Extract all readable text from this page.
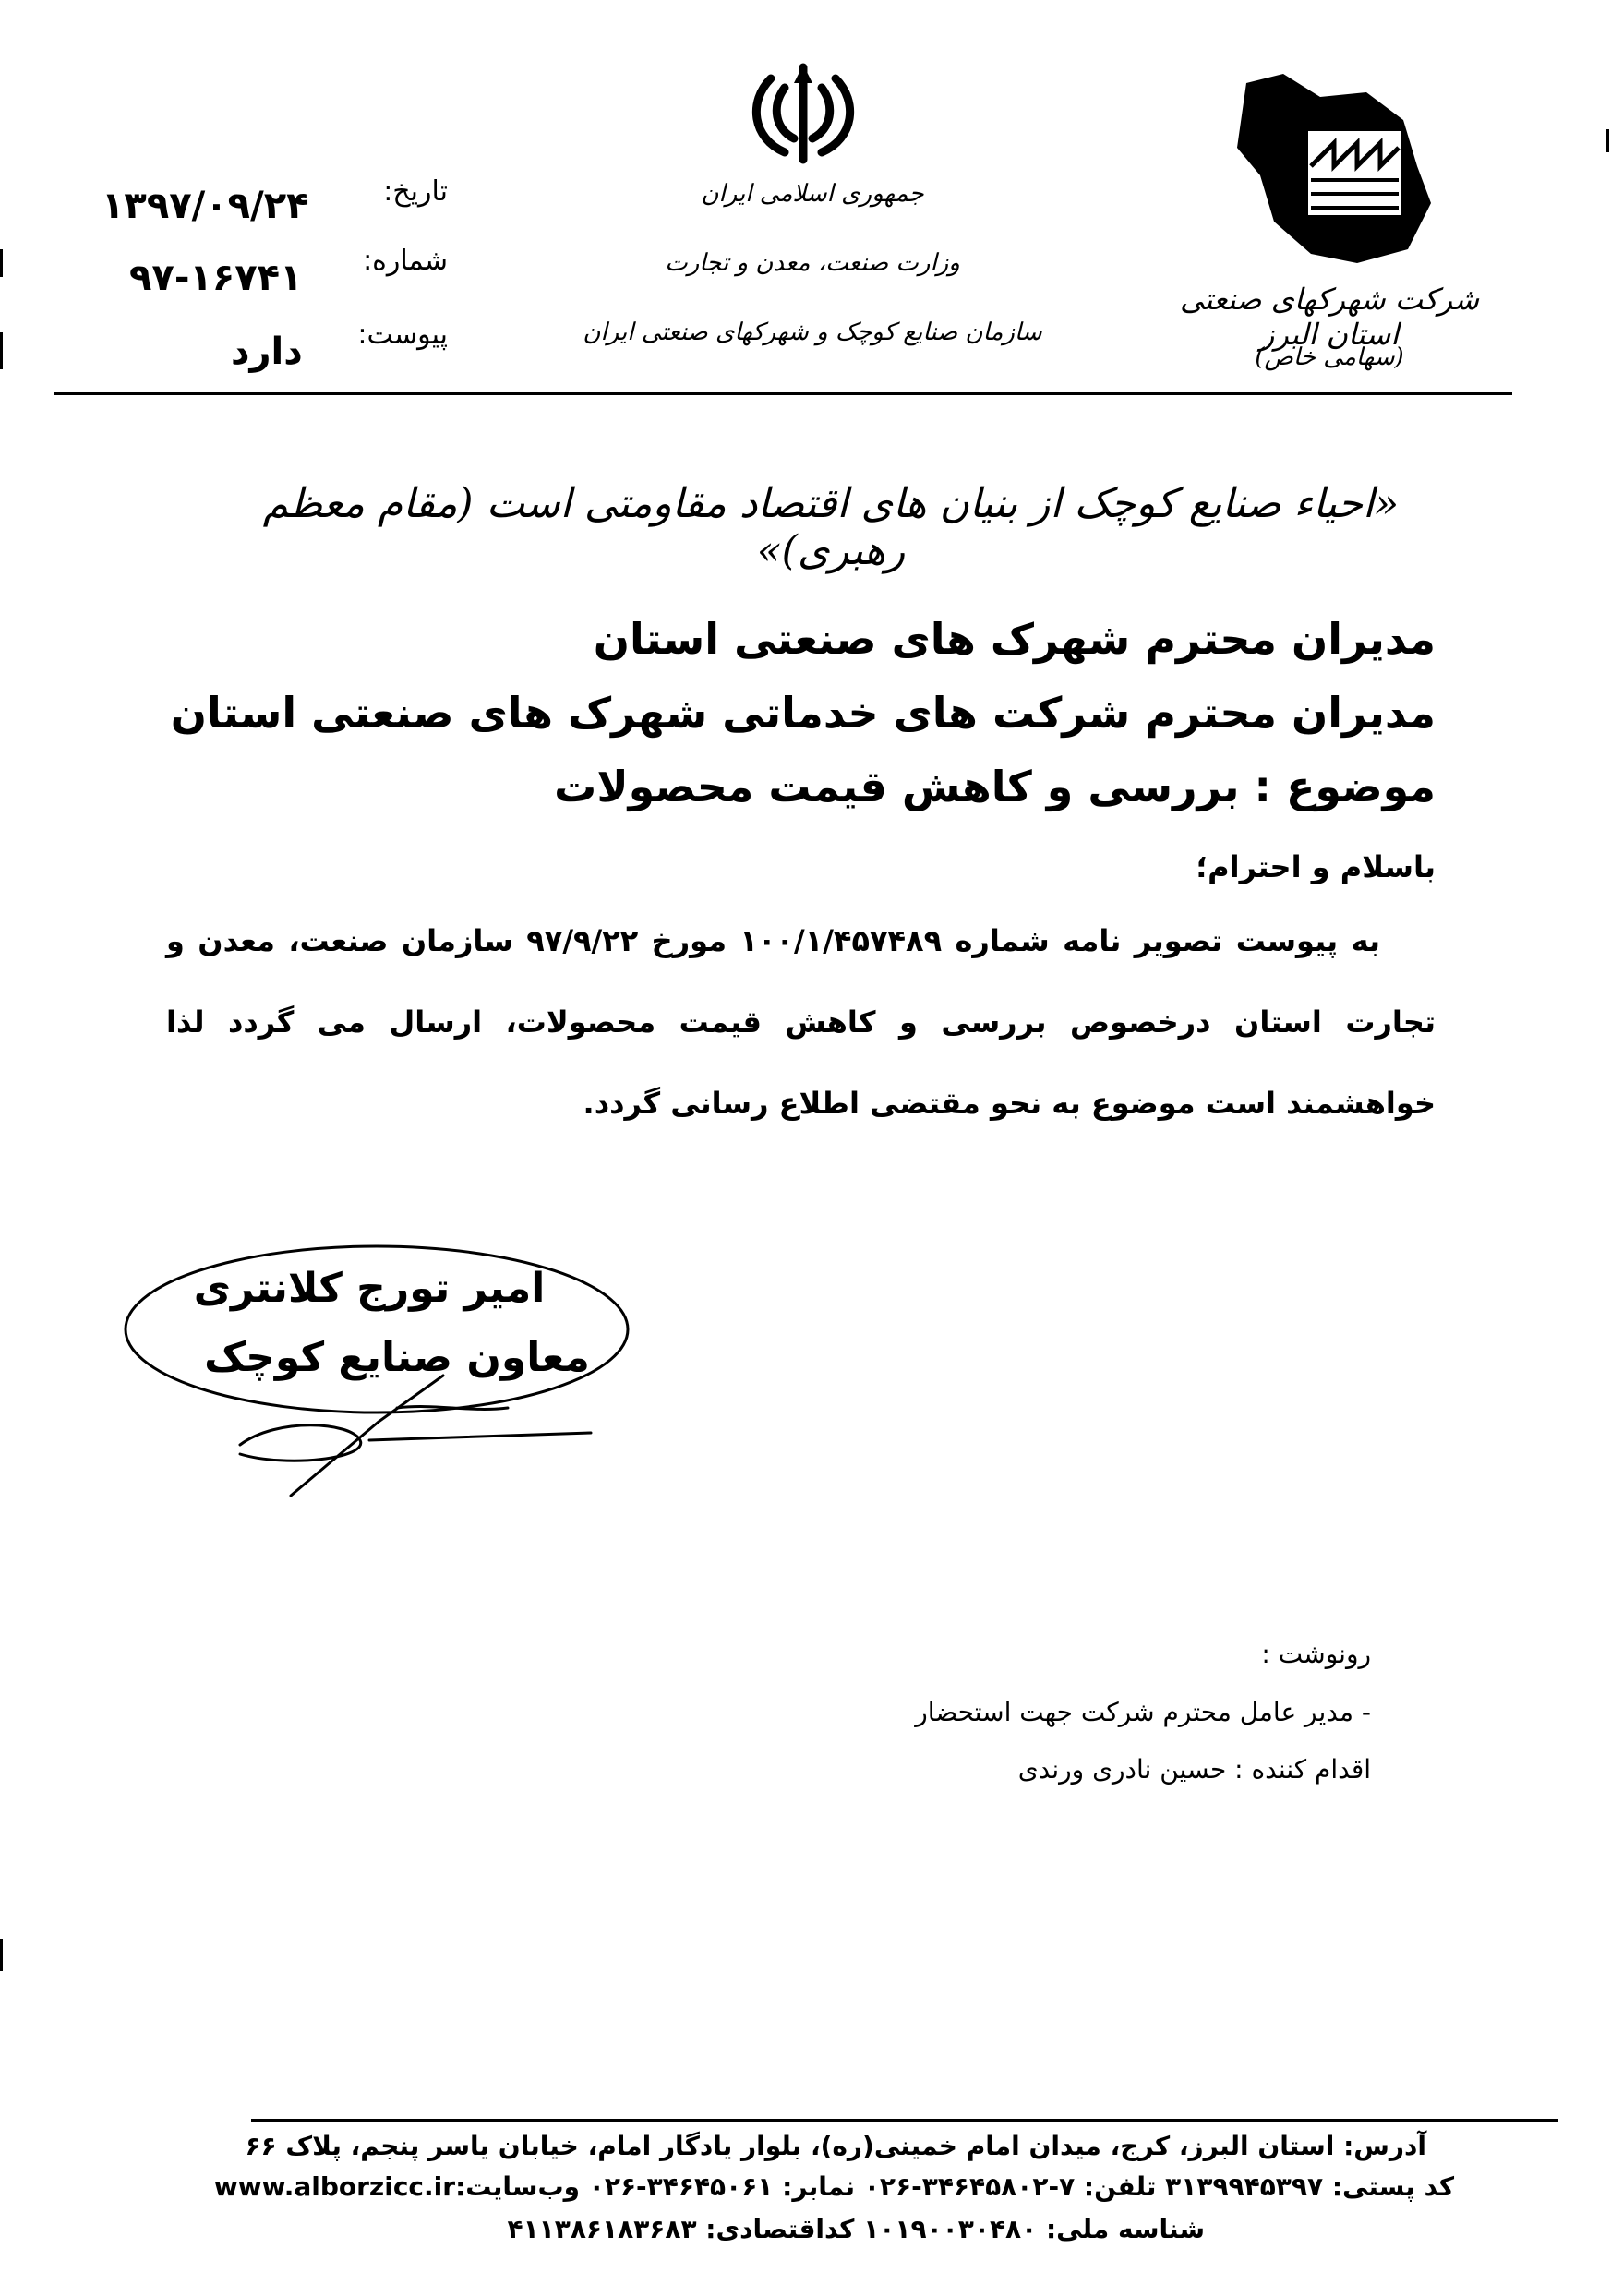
تاریخ:
۱۳۹۷/۰۹/۲۴
شماره:
۹۷-۱۶۷۴۱
پیوست:
دارد
جمهوری اسلامی ایران
وزارت صنعت، معدن و تجارت
سازمان صنایع کوچک و شهرکهای صنعتی ایران
شرکت شهرکهای صنعتی استان البرز
(سهامی خاص)
«احیاء صنایع کوچک از بنیان های اقتصاد مقاومتی است (مقام معظم رهبری)»
مدیران محترم شهرک های صنعتی استان
مدیران محترم شرکت های خدماتی شهرک های صنعتی استان
موضوع : بررسی و کاهش قیمت محصولات
باسلام و احترام؛
به پیوست تصویر نامه شماره ۱۰۰/۱/۴۵۷۴۸۹ مورخ ۹۷/۹/۲۲ سازمان صنعت، معدن و تجارت استان درخصوص بررسی و کاهش قیمت محصولات، ارسال می گردد لذا خواهشمند است موضوع به نحو مقتضی اطلاع رسانی گردد.
امیر تورج کلانتری
معاون صنایع کوچک
رونوشت :
- مدیر عامل محترم شرکت جهت استحضار
اقدام کننده : حسین نادری ورندی
آدرس: استان البرز، کرج، میدان امام خمینی(ره)، بلوار یادگار امام، خیابان یاسر پنجم، پلاک ۶۶
کد پستی: ۳۱۳۹۹۴۵۳۹۷ تلفن: ۷-۳۴۶۴۵۸۰۲-۰۲۶ نمابر: ۳۴۶۴۵۰۶۱-۰۲۶ وب‌سایت:www.alborzicc.ir
شناسه ملی: ۱۰۱۹۰۰۳۰۴۸۰ کداقتصادی: ۴۱۱۳۸۶۱۸۳۶۸۳
